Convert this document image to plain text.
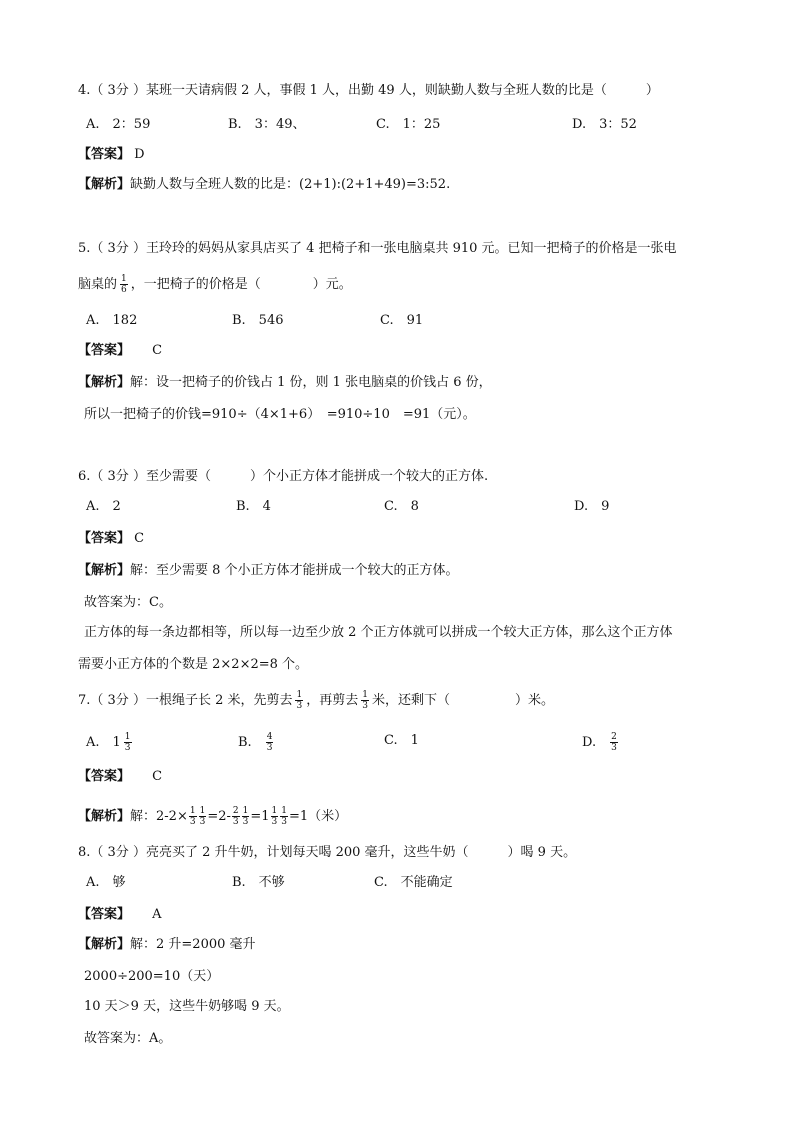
4.（ 3分 ）某班一天请病假 2 人，事假 1 人，出勤 49 人，则缺勤人数与全班人数的比是（　　　）
A.　2：59	B.　3：49、	C.　1：25	D.　3：52
【答案】 D
【解析】缺勤人数与全班人数的比是：(2+1):(2+1+49)=3:52.
5.（ 3分 ）王玲玲的妈妈从家具店买了 4 把椅子和一张电脑桌共 910 元。已知一把椅子的价格是一张电
脑桌的 $\frac{1}{6}$ ，一把椅子的价格是（　　　　）元。
A.　182	B.　546	C.　91
【答案】 C
【解析】解：设一把椅子的价钱占 1 份，则 1 张电脑桌的价钱占 6 份，
所以一把椅子的价钱=910÷（4×1+6）　=910÷10　=91（元）。
6.（ 3分 ）至少需要（　　　）个小正方体才能拼成一个较大的正方体.
A.　2	B.　4	C.　8	D.　9
【答案】 C
【解析】解：至少需要 8 个小正方体才能拼成一个较大的正方体。
故答案为：C。
正方体的每一条边都相等，所以每一边至少放 2 个正方体就可以拼成一个较大正方体，那么这个正方体
需要小正方体的个数是 2×2×2=8 个。
7.（ 3分 ）一根绳子长 2 米，先剪去 $\frac{1}{3}$ ，再剪去 $\frac{1}{3}$ 米，还剩下（　　　　　）米。
A.　$1 \frac{1}{3}$	B. $\frac{4}{3}$	C.　1	D. $\frac{2}{3}$
【答案】 C
【解析】解：$2-2\times \frac{1}{3} \frac{1}{3} =2- \frac{2}{3} \frac{1}{3} =1 \frac{1}{3} \frac{1}{3} =1$（米）
8.（ 3分 ）亮亮买了 2 升牛奶，计划每天喝 200 毫升，这些牛奶（　　　）喝 9 天。
A.　够	B.　不够	C.　不能确定
【答案】 A
【解析】解：2 升=2000 毫升
2000÷200=10（天）
10 天＞9 天，这些牛奶够喝 9 天。
故答案为：A。
